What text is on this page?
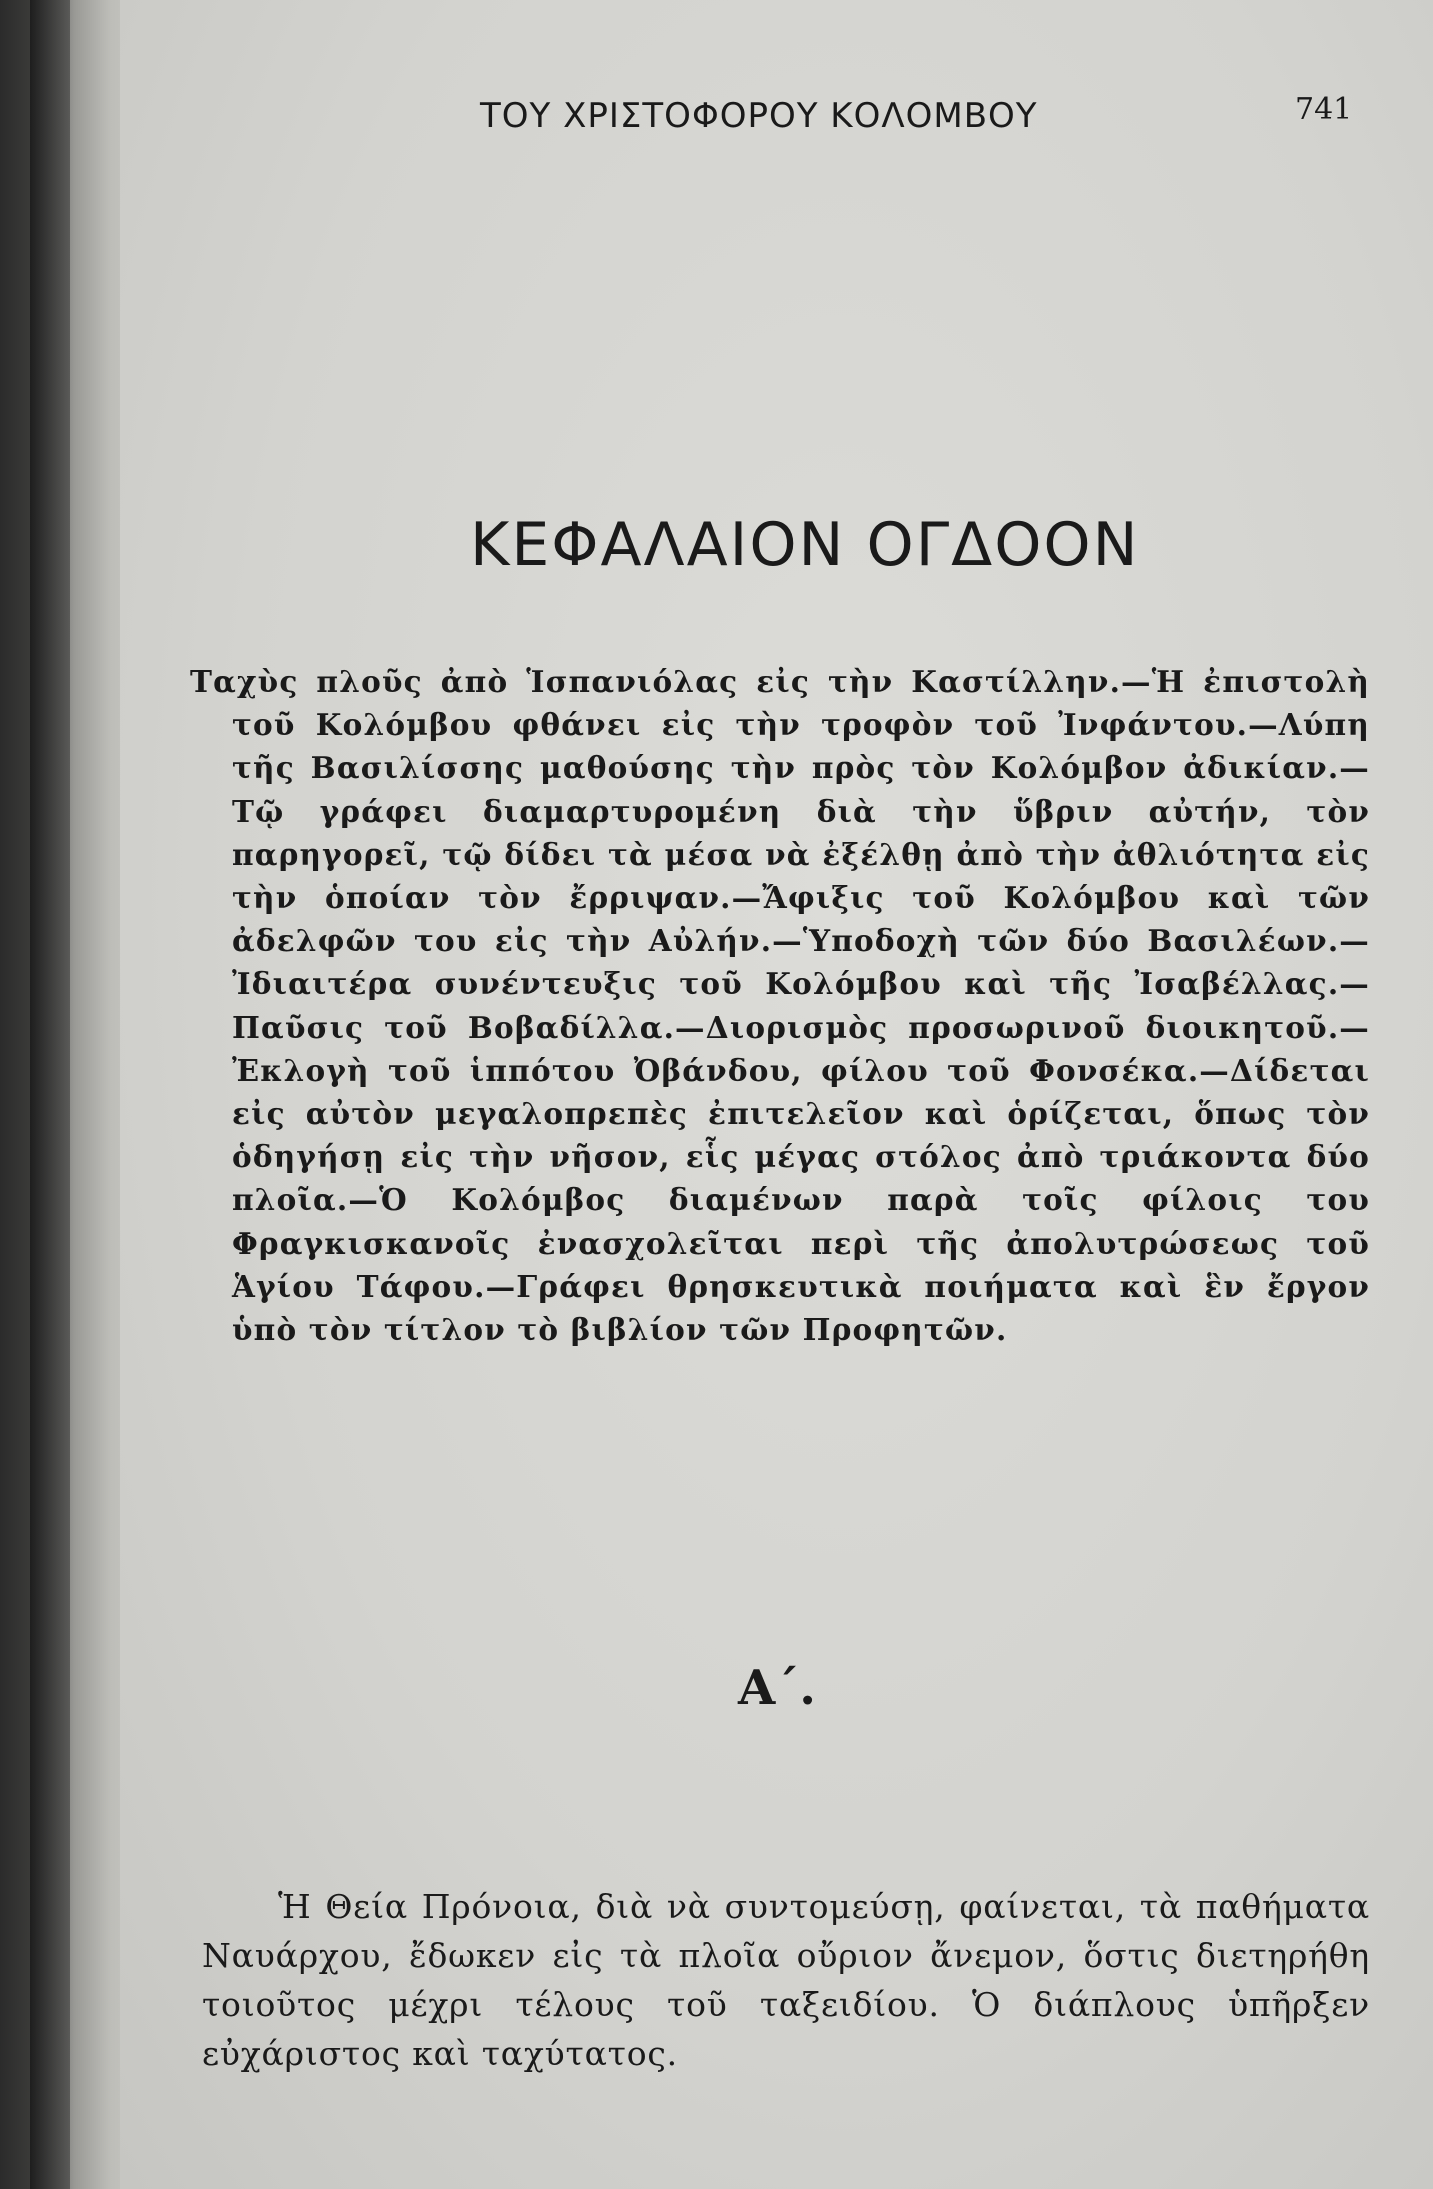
ΤΟΥ ΧΡΙΣΤΟΦΟΡΟΥ ΚΟΛΟΜΒΟΥ	741
ΚΕΦΑΛΑΙΟΝ ΟΓΔΟΟΝ
Ταχὺς πλοῦς ἀπὸ Ἱσπανιόλας εἰς τὴν Καστίλλην.—Ἡ ἐπιστολὴ τοῦ Κολόμβου φθάνει εἰς τὴν τροφὸν τοῦ Ἰνφάντου.—Λύπη τῆς Βασιλίσσης μαθούσης τὴν πρὸς τὸν Κολόμβον ἀδικίαν.—Τῷ γράφει διαμαρτυρομένη διὰ τὴν ὕβριν αὐτήν, τὸν παρηγορεῖ, τῷ δίδει τὰ μέσα νὰ ἐξέλθῃ ἀπὸ τὴν ἀθλιότητα εἰς τὴν ὁποίαν τὸν ἔρριψαν.—Ἄφιξις τοῦ Κολόμβου καὶ τῶν ἀδελφῶν του εἰς τὴν Αὐλήν.—Ὑποδοχὴ τῶν δύο Βασιλέων.—Ἰδιαιτέρα συνέντευξις τοῦ Κολόμβου καὶ τῆς Ἰσαβέλλας.—Παῦσις τοῦ Βοβαδίλλα.—Διορισμὸς προσωρινοῦ διοικητοῦ.—Ἐκλογὴ τοῦ ἱππότου Ὀβάνδου, φίλου τοῦ Φονσέκα.—Δίδεται εἰς αὐτὸν μεγαλοπρεπὲς ἐπιτελεῖον καὶ ὁρίζεται, ὅπως τὸν ὁδηγήσῃ εἰς τὴν νῆσον, εἷς μέγας στόλος ἀπὸ τριάκοντα δύο πλοῖα.—Ὁ Κολόμβος διαμένων παρὰ τοῖς φίλοις του Φραγκισκανοῖς ἐνασχολεῖται περὶ τῆς ἀπολυτρώσεως τοῦ Ἁγίου Τάφου.—Γράφει θρησκευτικὰ ποιήματα καὶ ἓν ἔργον ὑπὸ τὸν τίτλον τὸ βιβλίον τῶν Προφητῶν.
Α΄.

Ἡ Θεία Πρόνοια, διὰ νὰ συντομεύσῃ, φαίνεται, τὰ παθήματα Ναυάρχου, ἔδωκεν εἰς τὰ πλοῖα οὔριον ἄνεμον, ὅστις διετηρήθη τοιοῦτος μέχρι τέλους τοῦ ταξειδίου. Ὁ διάπλους ὑπῆρξεν εὐχάριστος καὶ ταχύτατος.
